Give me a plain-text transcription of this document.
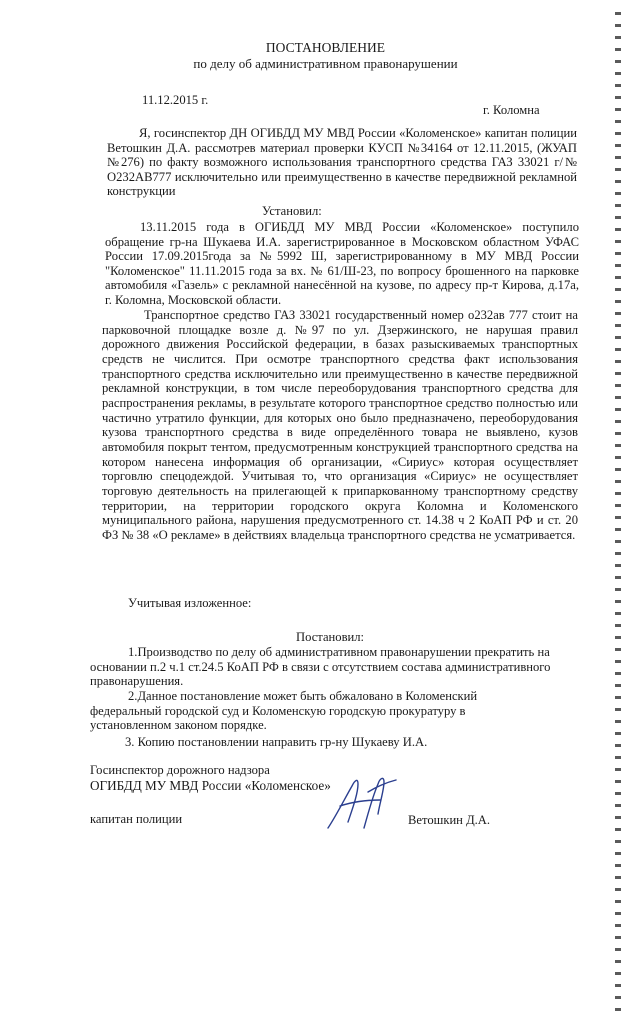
ПОСТАНОВЛЕНИЕ
по делу об административном правонарушении
11.12.2015 г.
г. Коломна
Я, госинспектор ДН ОГИБДД МУ МВД России «Коломенское» капитан полиции Ветошкин Д.А. рассмотрев материал проверки КУСП №34164 от 12.11.2015, (ЖУАП №276) по факту возможного использования транспортного средства ГАЗ 33021 г/№ О232АВ777 исключительно или преимущественно в качестве передвижной рекламной конструкции
Установил:
13.11.2015 года в ОГИБДД МУ МВД России «Коломенское» поступило обращение гр-на Шукаева И.А. зарегистрированное в Московском областном УФАС России 17.09.2015года за №5992 Ш, зарегистрированному в МУ МВД России "Коломенское" 11.11.2015 года за вх. № 61/Ш-23, по вопросу брошенного на парковке автомобиля «Газель» с рекламной нанесённой на кузове, по адресу пр-т Кирова, д.17а, г. Коломна, Московской области.
Транспортное средство ГАЗ 33021 государственный номер о232ав 777 стоит на парковочной площадке возле д. №97 по ул. Дзержинского, не нарушая правил дорожного движения Российской федерации, в базах разыскиваемых транспортных средств не числится. При осмотре транспортного средства факт использования транспортного средства исключительно или преимущественно в качестве передвижной рекламной конструкции, в том числе переоборудования транспортного средства для распространения рекламы, в результате которого транспортное средство полностью или частично утратило функции, для которых оно было предназначено, переоборудования кузова транспортного средства в виде определённого товара не выявлено, кузов автомобиля покрыт тентом, предусмотренным конструкцией транспортного средства на котором нанесена информация об организации, «Сириус» которая осуществляет торговлю спецодеждой. Учитывая то, что организация «Сириус» не осуществляет торговую деятельность на прилегающей к припаркованному транспортному средству территории, на территории городского округа Коломна и Коломенского муниципального района, нарушения предусмотренного ст. 14.38 ч 2 КоАП РФ и ст. 20 ФЗ № 38 «О рекламе» в действиях владельца транспортного средства не усматривается.
Учитывая изложенное:
Постановил:
1.Производство по делу об административном правонарушении прекратить на основании п.2 ч.1 ст.24.5 КоАП РФ в связи с отсутствием состава административного правонарушения.
2.Данное постановление может быть обжаловано в Коломенский федеральный городской суд и Коломенскую городскую прокуратуру в установленном законом порядке.
3. Копию постановлении направить гр-ну Шукаеву И.А.
Госинспектор дорожного надзора
ОГИБДД МУ МВД России «Коломенское»
капитан полиции	Ветошкин Д.А.
